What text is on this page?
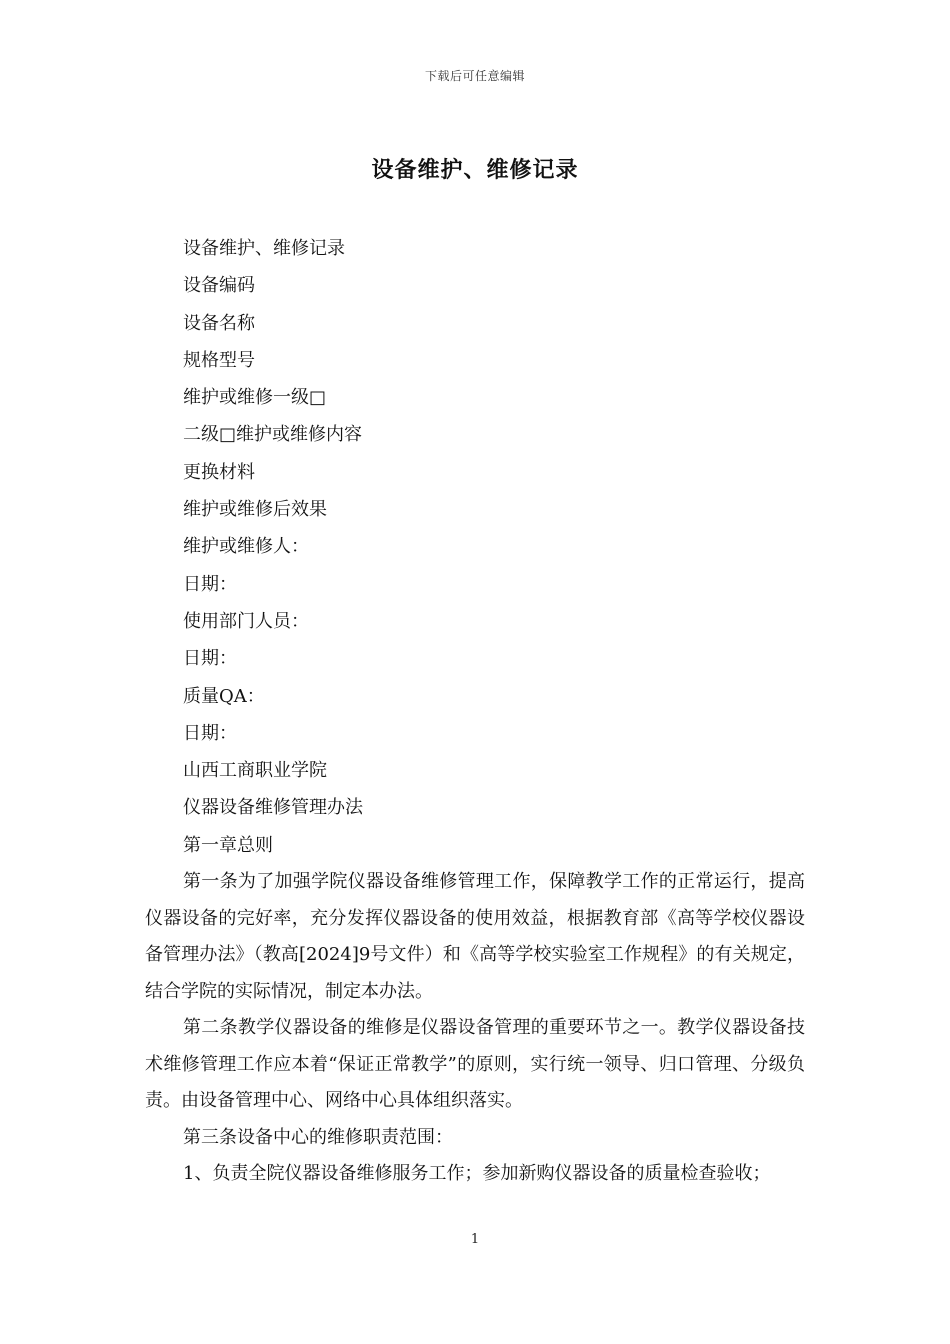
下载后可任意编辑
设备维护、维修记录

设备维护、维修记录

设备编码

设备名称

规格型号

维护或维修一级□

二级□维护或维修内容

更换材料

维护或维修后效果

维护或维修人：

日期：

使用部门人员：

日期：

质量QA：

日期：

山西工商职业学院

仪器设备维修管理办法

第一章总则

第一条为了加强学院仪器设备维修管理工作，保障教学工作的正常运行，提高仪器设备的完好率，充分发挥仪器设备的使用效益，根据教育部《高等学校仪器设备管理办法》（教高[2024]9号文件）和《高等学校实验室工作规程》的有关规定，结合学院的实际情况，制定本办法。

第二条教学仪器设备的维修是仪器设备管理的重要环节之一。教学仪器设备技术维修管理工作应本着“保证正常教学”的原则，实行统一领导、归口管理、分级负责。由设备管理中心、网络中心具体组织落实。

第三条设备中心的维修职责范围：

1、负责全院仪器设备维修服务工作；参加新购仪器设备的质量检查验收；

1
